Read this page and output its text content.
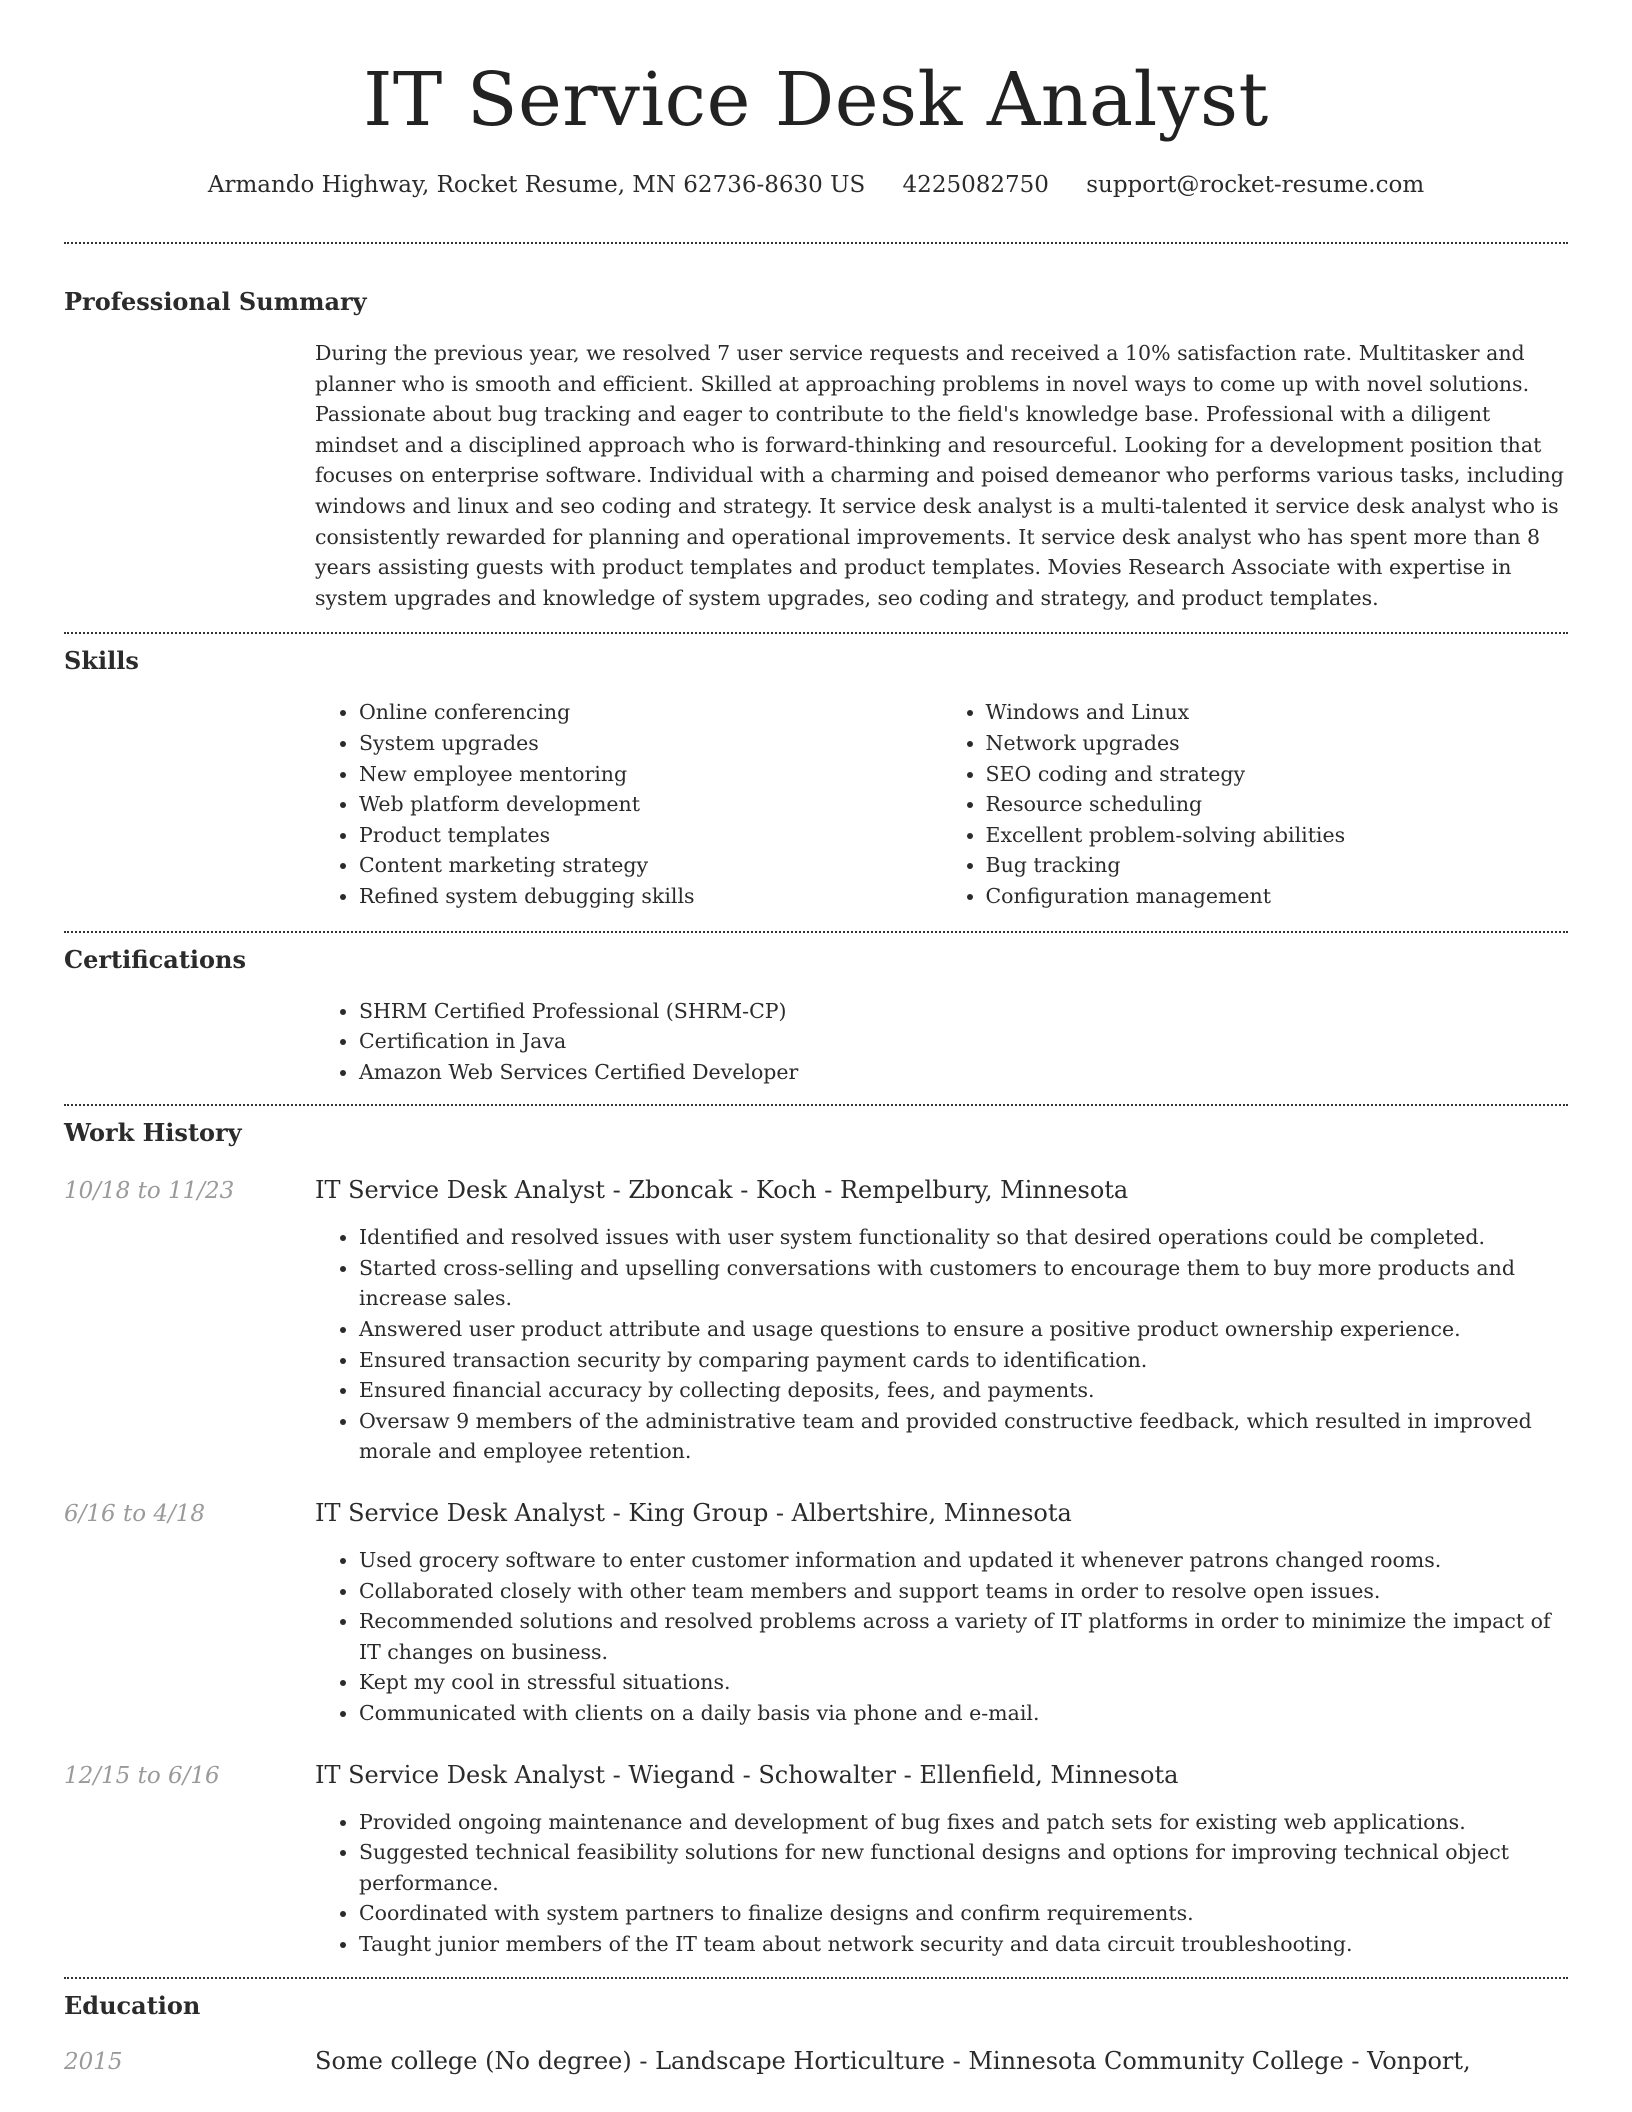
IT Service Desk Analyst
Armando Highway, Rocket Resume, MN 62736-8630 US 4225082750 support@rocket-resume.com
Professional Summary

During the previous year, we resolved 7 user service requests and received a 10% satisfaction rate. Multitasker and planner who is smooth and efficient. Skilled at approaching problems in novel ways to come up with novel solutions. Passionate about bug tracking and eager to contribute to the field's knowledge base. Professional with a diligent mindset and a disciplined approach who is forward-thinking and resourceful. Looking for a development position that focuses on enterprise software. Individual with a charming and poised demeanor who performs various tasks, including windows and linux and seo coding and strategy. It service desk analyst is a multi-talented it service desk analyst who is consistently rewarded for planning and operational improvements. It service desk analyst who has spent more than 8 years assisting guests with product templates and product templates. Movies Research Associate with expertise in system upgrades and knowledge of system upgrades, seo coding and strategy, and product templates.

Skills
• Online conferencing
• System upgrades
• New employee mentoring
• Web platform development
• Product templates
• Content marketing strategy
• Refined system debugging skills
• Windows and Linux
• Network upgrades
• SEO coding and strategy
• Resource scheduling
• Excellent problem-solving abilities
• Bug tracking
• Configuration management
Certifications
• SHRM Certified Professional (SHRM-CP)
• Certification in Java
• Amazon Web Services Certified Developer
Work History
10/18 to 11/23	IT Service Desk Analyst - Zboncak - Koch - Rempelbury, Minnesota
• Identified and resolved issues with user system functionality so that desired operations could be completed.
• Started cross-selling and upselling conversations with customers to encourage them to buy more products and increase sales.
• Answered user product attribute and usage questions to ensure a positive product ownership experience.
• Ensured transaction security by comparing payment cards to identification.
• Ensured financial accuracy by collecting deposits, fees, and payments.
• Oversaw 9 members of the administrative team and provided constructive feedback, which resulted in improved morale and employee retention.
6/16 to 4/18	IT Service Desk Analyst - King Group - Albertshire, Minnesota
• Used grocery software to enter customer information and updated it whenever patrons changed rooms.
• Collaborated closely with other team members and support teams in order to resolve open issues.
• Recommended solutions and resolved problems across a variety of IT platforms in order to minimize the impact of IT changes on business.
• Kept my cool in stressful situations.
• Communicated with clients on a daily basis via phone and e-mail.
12/15 to 6/16	IT Service Desk Analyst - Wiegand - Schowalter - Ellenfield, Minnesota
• Provided ongoing maintenance and development of bug fixes and patch sets for existing web applications.
• Suggested technical feasibility solutions for new functional designs and options for improving technical object performance.
• Coordinated with system partners to finalize designs and confirm requirements.
• Taught junior members of the IT team about network security and data circuit troubleshooting.
Education
2015	Some college (No degree) - Landscape Horticulture - Minnesota Community College - Vonport,
